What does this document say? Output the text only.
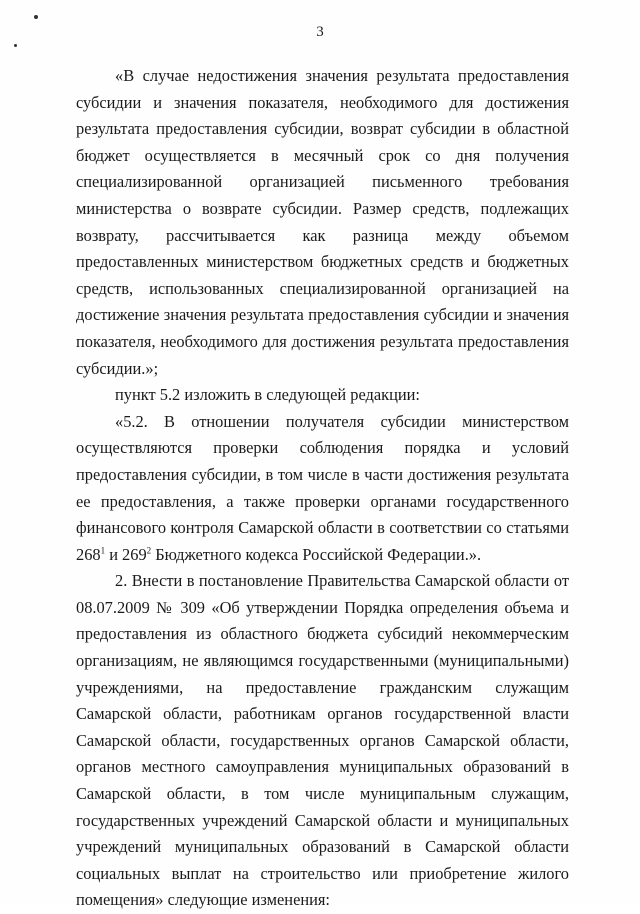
3

«В случае недостижения значения результата предоставления субсидии и значения показателя, необходимого для достижения результата предоставления субсидии, возврат субсидии в областной бюджет осуществляется в месячный срок со дня получения специализированной организацией письменного требования министерства о возврате субсидии. Размер средств, подлежащих возврату, рассчитывается как разница между объемом предоставленных министерством бюджетных средств и бюджетных средств, использованных специализированной организацией на достижение значения результата предоставления субсидии и значения показателя, необходимого для достижения результата предоставления субсидии.»;

пункт 5.2 изложить в следующей редакции:

«5.2. В отношении получателя субсидии министерством осуществляются проверки соблюдения порядка и условий предоставления субсидии, в том числе в части достижения результата ее предоставления, а также проверки органами государственного финансового контроля Самарской области в соответствии со статьями $268^1$ и $269^2$ Бюджетного кодекса Российской Федерации.».

2. Внести в постановление Правительства Самарской области от 08.07.2009 № 309 «Об утверждении Порядка определения объема и предоставления из областного бюджета субсидий некоммерческим организациям, не являющимся государственными (муниципальными) учреждениями, на предоставление гражданским служащим Самарской области, работникам органов государственной власти Самарской области, государственных органов Самарской области, органов местного самоуправления муниципальных образований в Самарской области, в том числе муниципальным служащим, государственных учреждений Самарской области и муниципальных учреждений муниципальных образований в Самарской области социальных выплат на строительство или приобретение жилого помещения» следующие изменения:
